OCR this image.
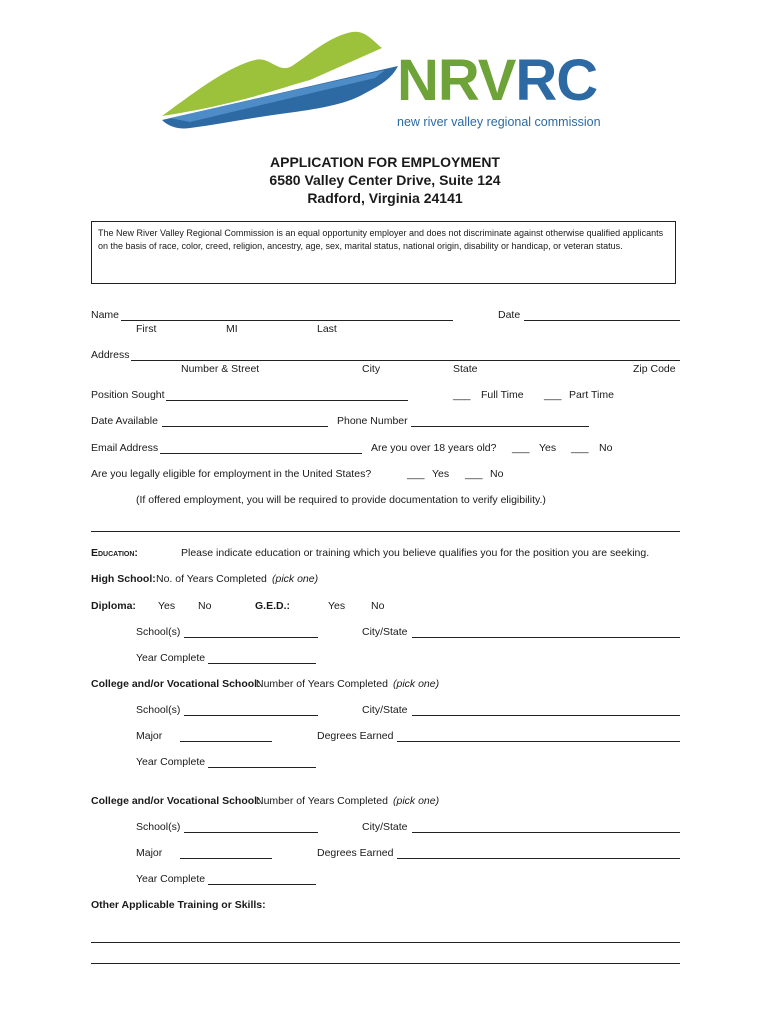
NRVRC
new river valley regional commission
APPLICATION FOR EMPLOYMENT
6580 Valley Center Drive, Suite 124
Radford, Virginia 24141
The New River Valley Regional Commission is an equal opportunity employer and does not discriminate against otherwise qualified applicants on the basis of race, color, creed, religion, ancestry, age, sex, marital status, national origin, disability or handicap, or veteran status.
Name	Date
First	MI	Last
Address
Number & Street	City	State	Zip Code
Position Sought	___ Full Time ___ Part Time
Date Available	Phone Number
Email Address	Are you over 18 years old? ___ Yes ___ No
Are you legally eligible for employment in the United States?	___ Yes ___ No
(If offered employment, you will be required to provide documentation to verify eligibility.)
Education:	Please indicate education or training which you believe qualifies you for the position you are seeking.
High School: No. of Years Completed (pick one)
Diploma: Yes No	G.E.D.:	Yes No
School(s)	City/State
Year Complete
College and/or Vocational School:
Number of Years Completed (pick one)
School(s)	City/State
Major	Degrees Earned
Year Complete
College and/or Vocational School:
Number of Years Completed (pick one)
School(s)	City/State
Major	Degrees Earned
Year Complete
Other Applicable Training or Skills:
